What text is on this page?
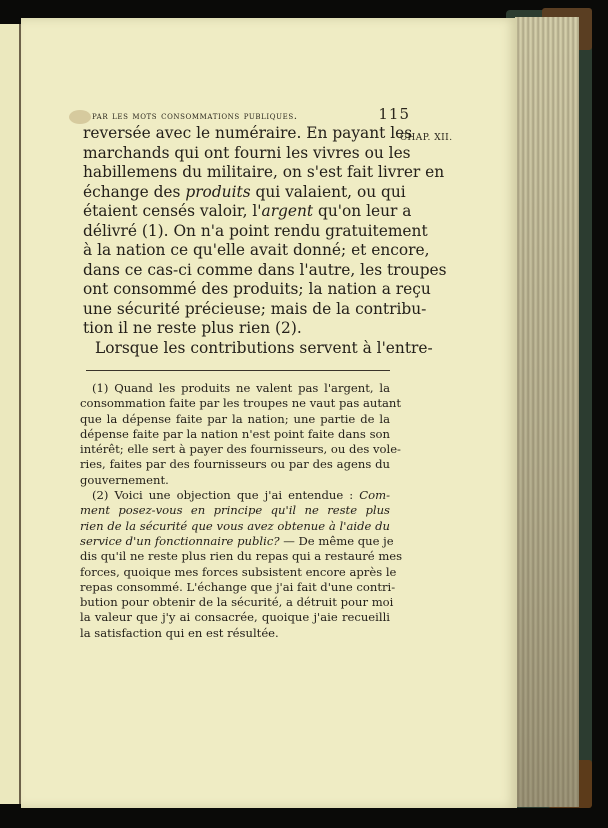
par les mots consommations publiques.	115
CHAP. XII.
reversée avec le numéraire. En payant les
marchands qui ont fourni les vivres ou les
habillemens du militaire, on s'est fait livrer en
échange des produits qui valaient, ou qui
étaient censés valoir, l'argent qu'on leur a
délivré (1). On n'a point rendu gratuitement
à la nation ce qu'elle avait donné; et encore,
dans ce cas-ci comme dans l'autre, les troupes
ont consommé des produits; la nation a reçu
une sécurité précieuse; mais de la contribu-
tion il ne reste plus rien (2).
Lorsque les contributions servent à l'entre-
(1) Quand les produits ne valent pas l'argent, la
consommation faite par les troupes ne vaut pas autant
que la dépense faite par la nation; une partie de la
dépense faite par la nation n'est point faite dans son
intérêt; elle sert à payer des fournisseurs, ou des vole-
ries, faites par des fournisseurs ou par des agens du
gouvernement.
(2) Voici une objection que j'ai entendue : Com-
ment posez-vous en principe qu'il ne reste plus
rien de la sécurité que vous avez obtenue à l'aide du
service d'un fonctionnaire public? — De même que je
dis qu'il ne reste plus rien du repas qui a restauré mes
forces, quoique mes forces subsistent encore après le
repas consommé. L'échange que j'ai fait d'une contri-
bution pour obtenir de la sécurité, a détruit pour moi
la valeur que j'y ai consacrée, quoique j'aie recueilli
la satisfaction qui en est résultée.
